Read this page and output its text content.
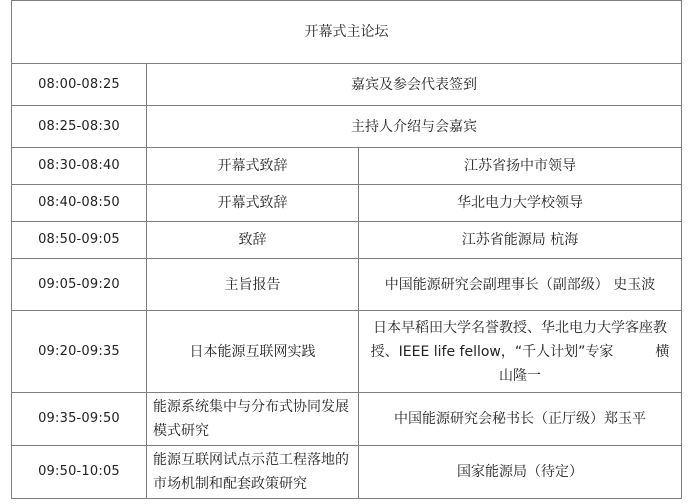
开幕式主论坛		
08:00-08:25	嘉宾及参会代表签到	
08:25-08:30	主持人介绍与会嘉宾	
08:30-08:40	开幕式致辞	江苏省扬中市领导
08:40-08:50	开幕式致辞	华北电力大学校领导
08:50-09:05	致辞	江苏省能源局 杭海
09:05-09:20	主旨报告	中国能源研究会副理事长（副部级） 史玉波
09:20-09:35	日本能源互联网实践	日本早稻田大学名誉教授、华北电力大学客座教授、IEEE life fellow，“千人计划”专家　　　横山隆一
09:35-09:50	能源系统集中与分布式协同发展模式研究	中国能源研究会秘书长（正厅级）郑玉平
09:50-10:05	能源互联网试点示范工程落地的市场机制和配套政策研究	国家能源局（待定）
